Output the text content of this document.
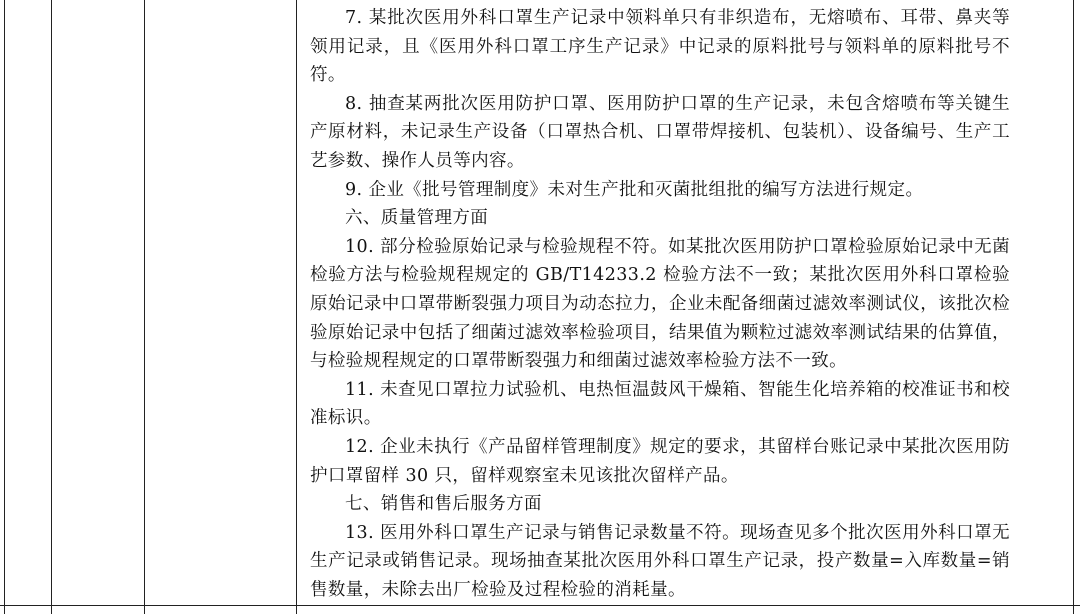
7. 某批次医用外科口罩生产记录中领料单只有非织造布，无熔喷布、耳带、鼻夹等领用记录，且《医用外科口罩工序生产记录》中记录的原料批号与领料单的原料批号不符。

8. 抽查某两批次医用防护口罩、医用防护口罩的生产记录，未包含熔喷布等关键生产原材料，未记录生产设备（口罩热合机、口罩带焊接机、包装机）、设备编号、生产工艺参数、操作人员等内容。

9. 企业《批号管理制度》未对生产批和灭菌批组批的编写方法进行规定。

六、质量管理方面

10. 部分检验原始记录与检验规程不符。如某批次医用防护口罩检验原始记录中无菌检验方法与检验规程规定的 GB/T14233.2 检验方法不一致；某批次医用外科口罩检验原始记录中口罩带断裂强力项目为动态拉力，企业未配备细菌过滤效率测试仪，该批次检验原始记录中包括了细菌过滤效率检验项目，结果值为颗粒过滤效率测试结果的估算值，与检验规程规定的口罩带断裂强力和细菌过滤效率检验方法不一致。

11. 未查见口罩拉力试验机、电热恒温鼓风干燥箱、智能生化培养箱的校准证书和校准标识。

12. 企业未执行《产品留样管理制度》规定的要求，其留样台账记录中某批次医用防护口罩留样 30 只，留样观察室未见该批次留样产品。

七、销售和售后服务方面

13. 医用外科口罩生产记录与销售记录数量不符。现场查见多个批次医用外科口罩无生产记录或销售记录。现场抽查某批次医用外科口罩生产记录，投产数量=入库数量=销售数量，未除去出厂检验及过程检验的消耗量。
